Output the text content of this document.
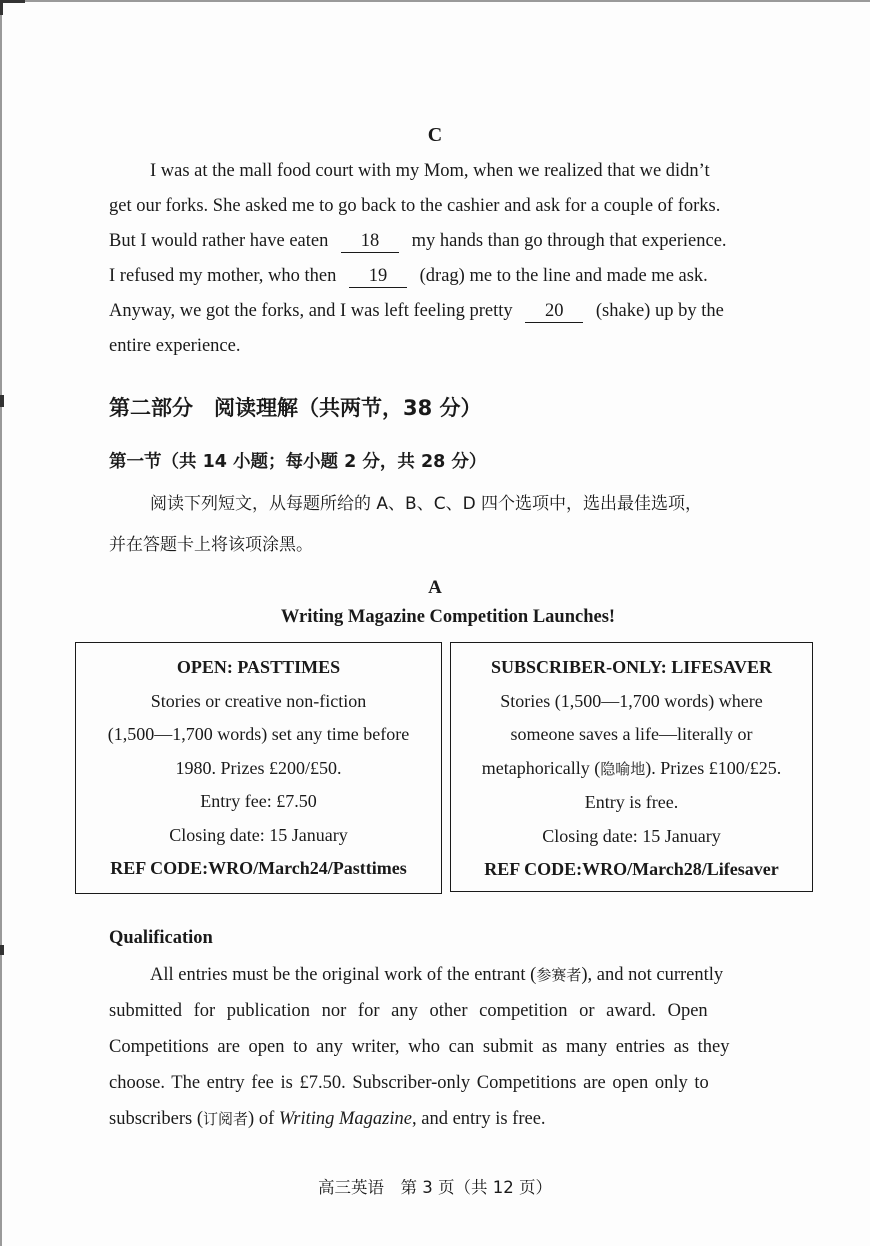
C
I was at the mall food court with my Mom, when we realized that we didn’t
get our forks. She asked me to go back to the cashier and ask for a couple of forks.
But I would rather have eaten 18 my hands than go through that experience.
I refused my mother, who then 19 (drag) me to the line and made me ask.
Anyway, we got the forks, and I was left feeling pretty 20 (shake) up by the
entire experience.
第二部分　阅读理解（共两节，38 分）
第一节（共 14 小题；每小题 2 分，共 28 分）
阅读下列短文，从每题所给的 A、B、C、D 四个选项中，选出最佳选项，
并在答题卡上将该项涂黑。
A
Writing Magazine Competition Launches!
OPEN: PASTTIMES
Stories or creative non-fiction
(1,500—1,700 words) set any time before
1980. Prizes £200/£50.
Entry fee: £7.50
Closing date: 15 January
REF CODE:WRO/March24/Pasttimes
SUBSCRIBER-ONLY: LIFESAVER
Stories (1,500—1,700 words) where
someone saves a life—literally or
metaphorically (隐喻地). Prizes £100/£25.
Entry is free.
Closing date: 15 January
REF CODE:WRO/March28/Lifesaver
Qualification
All entries must be the original work of the entrant (参赛者), and not currently
submitted for publication nor for any other competition or award. Open
Competitions are open to any writer, who can submit as many entries as they
choose. The entry fee is £7.50. Subscriber-only Competitions are open only to
subscribers (订阅者) of Writing Magazine, and entry is free.
高三英语　第 3 页（共 12 页）
